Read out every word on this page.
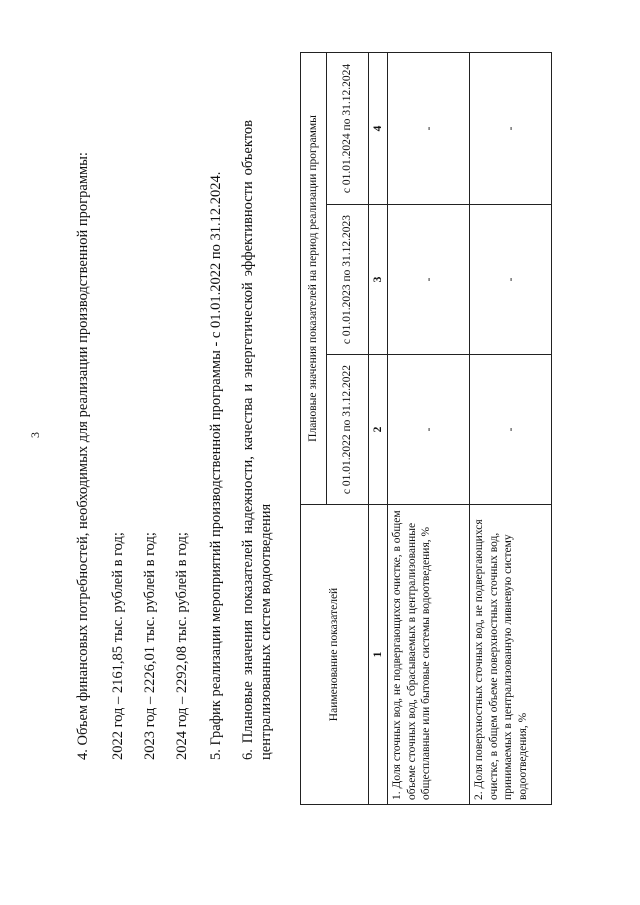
3 4. Объем финансовых потребностей, необходимых для реализации производственной программы: 2022 год – 2161,85 тыс. рублей в год; 2023 год – 2226,01 тыс. рублей в год; 2024 год – 2292,08 тыс. рублей в год; 5. График реализации мероприятий производственной программы - с 01.01.2022 по 31.12.2024. 6.
Плановые
значения
показателей
надежности,
качества
и
энергетической
эффективности
объектов
централизованных систем водоотведения	Наименование показателей	Плановые значения показателей на период реализации программы		
	с 01.01.2022 по 31.12.2022	с 01.01.2023 по 31.12.2023	с 01.01.2024 по 31.12.2024
1	2	3	4
1. Доля сточных вод, не подвергающихся очистке, в общем объеме сточных вод, сбрасываемых в централизованные общесплавные или бытовые системы водоотведения, %	-	-	-
2. Доля поверхностных сточных вод, не подвергающихся очистке, в общем объеме поверхностных сточных вод, принимаемых в централизованную ливневую систему водоотведения, %	-	-	-
